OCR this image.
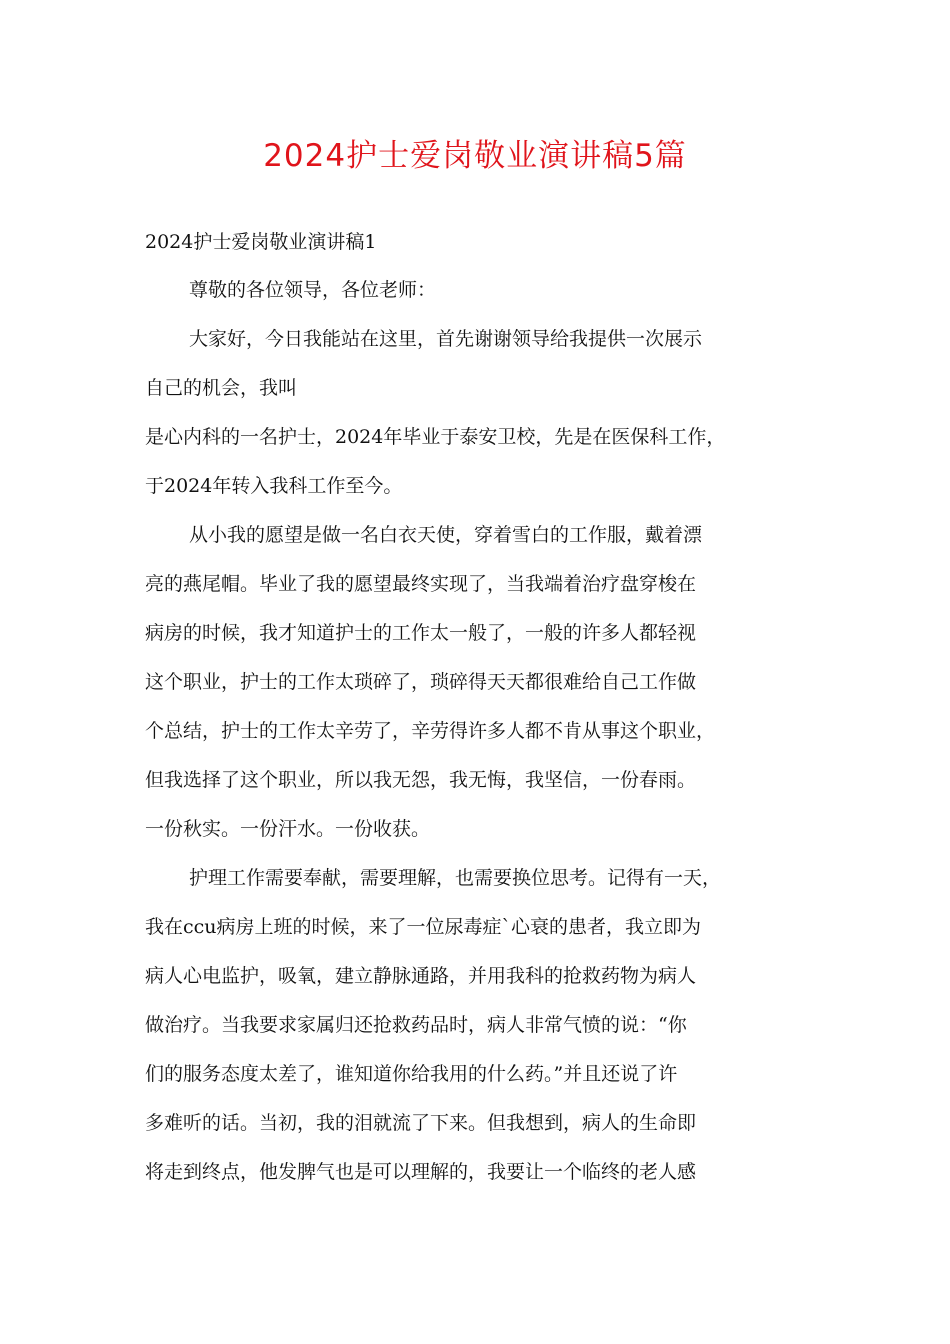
2024护士爱岗敬业演讲稿5篇

2024护士爱岗敬业演讲稿1

尊敬的各位领导，各位老师：
大家好，今日我能站在这里，首先谢谢领导给我提供一次展示
自己的机会，我叫
是心内科的一名护士，2024年毕业于泰安卫校，先是在医保科工作，
于2024年转入我科工作至今。
从小我的愿望是做一名白衣天使，穿着雪白的工作服，戴着漂
亮的燕尾帽。毕业了我的愿望最终实现了，当我端着治疗盘穿梭在
病房的时候，我才知道护士的工作太一般了，一般的许多人都轻视
这个职业，护士的工作太琐碎了，琐碎得天天都很难给自己工作做
个总结，护士的工作太辛劳了，辛劳得许多人都不肯从事这个职业，
但我选择了这个职业，所以我无怨，我无悔，我坚信，一份春雨。
一份秋实。一份汗水。一份收获。
护理工作需要奉献，需要理解，也需要换位思考。记得有一天，
我在ccu病房上班的时候，来了一位尿毒症`心衰的患者，我立即为
病人心电监护，吸氧，建立静脉通路，并用我科的抢救药物为病人
做治疗。当我要求家属归还抢救药品时，病人非常气愤的说：“你
们的服务态度太差了，谁知道你给我用的什么药。”并且还说了许
多难听的话。当初，我的泪就流了下来。但我想到，病人的生命即
将走到终点，他发脾气也是可以理解的，我要让一个临终的老人感
